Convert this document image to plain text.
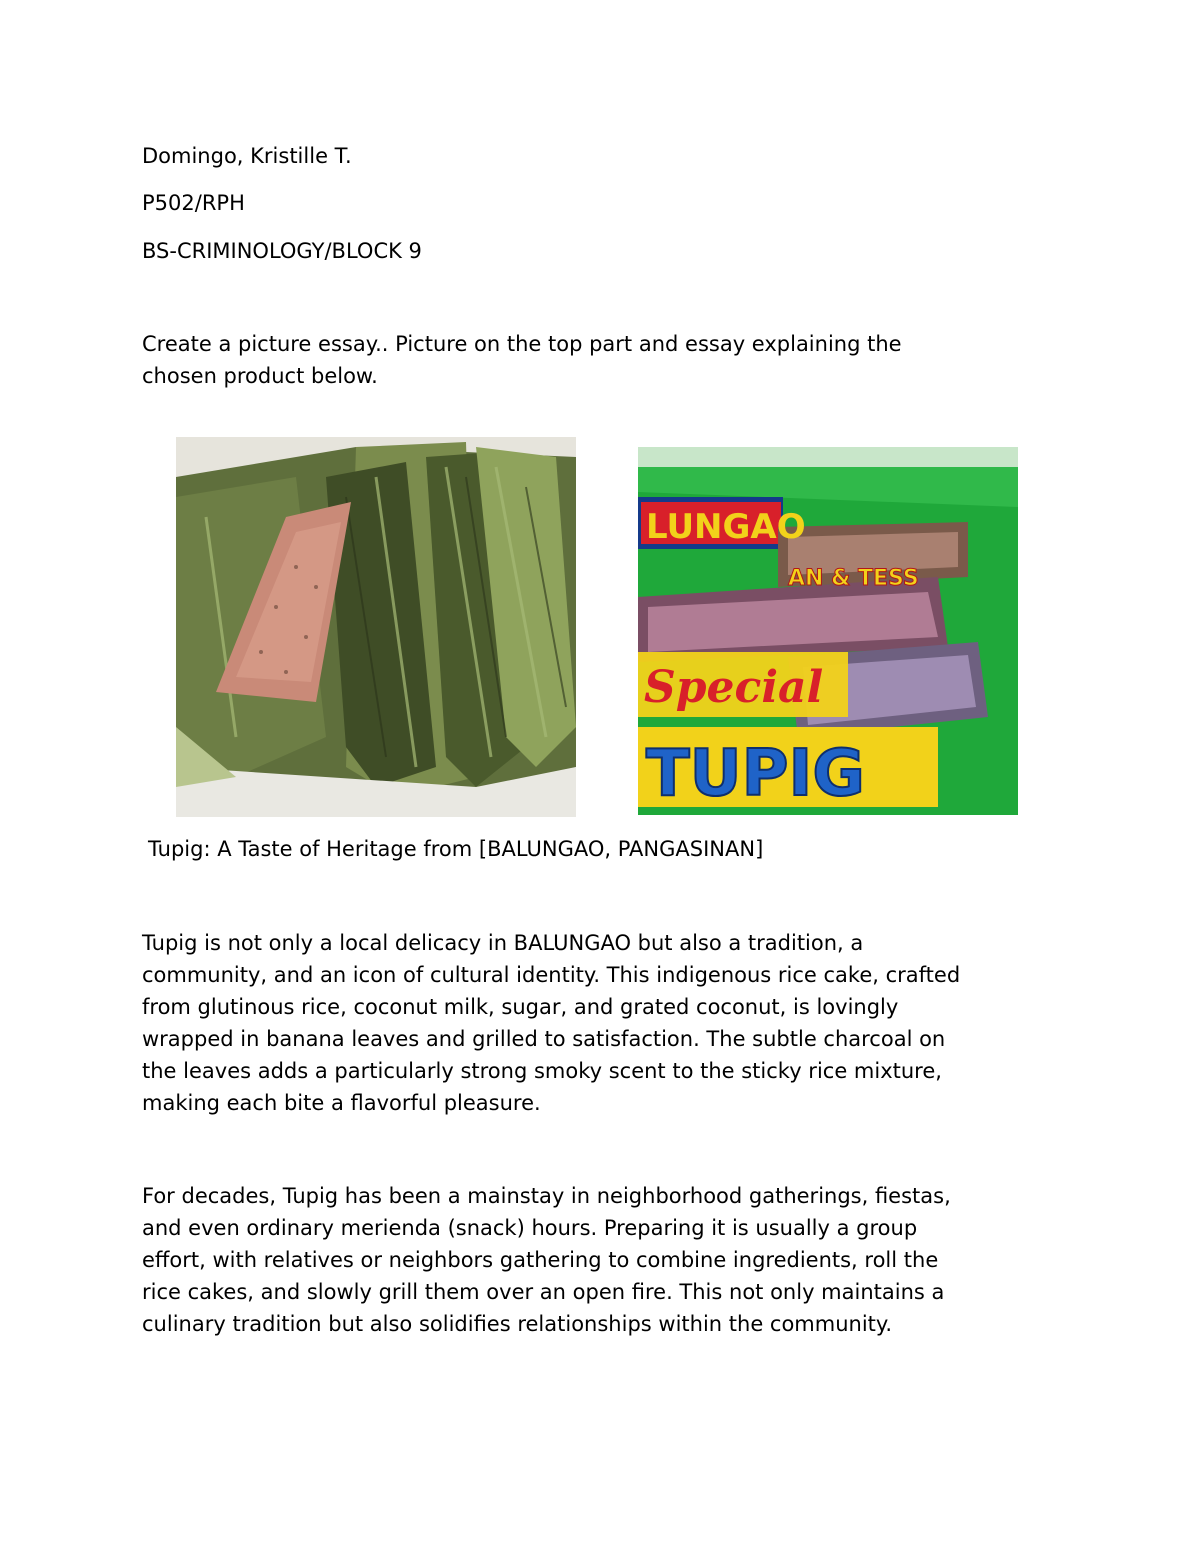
Domingo, Kristille T.
P502/RPH
BS-CRIMINOLOGY/BLOCK 9
Create a picture essay.. Picture on the top part and essay explaining the
chosen product below.
LUNGAO
AN & TESS
Special
TUPIG
Tupig: A Taste of Heritage from [BALUNGAO, PANGASINAN]
Tupig is not only a local delicacy in BALUNGAO but also a tradition, a
community, and an icon of cultural identity. This indigenous rice cake, crafted
from glutinous rice, coconut milk, sugar, and grated coconut, is lovingly
wrapped in banana leaves and grilled to satisfaction. The subtle charcoal on
the leaves adds a particularly strong smoky scent to the sticky rice mixture,
making each bite a flavorful pleasure.
For decades, Tupig has been a mainstay in neighborhood gatherings, fiestas,
and even ordinary merienda (snack) hours. Preparing it is usually a group
effort, with relatives or neighbors gathering to combine ingredients, roll the
rice cakes, and slowly grill them over an open fire. This not only maintains a
culinary tradition but also solidifies relationships within the community.
